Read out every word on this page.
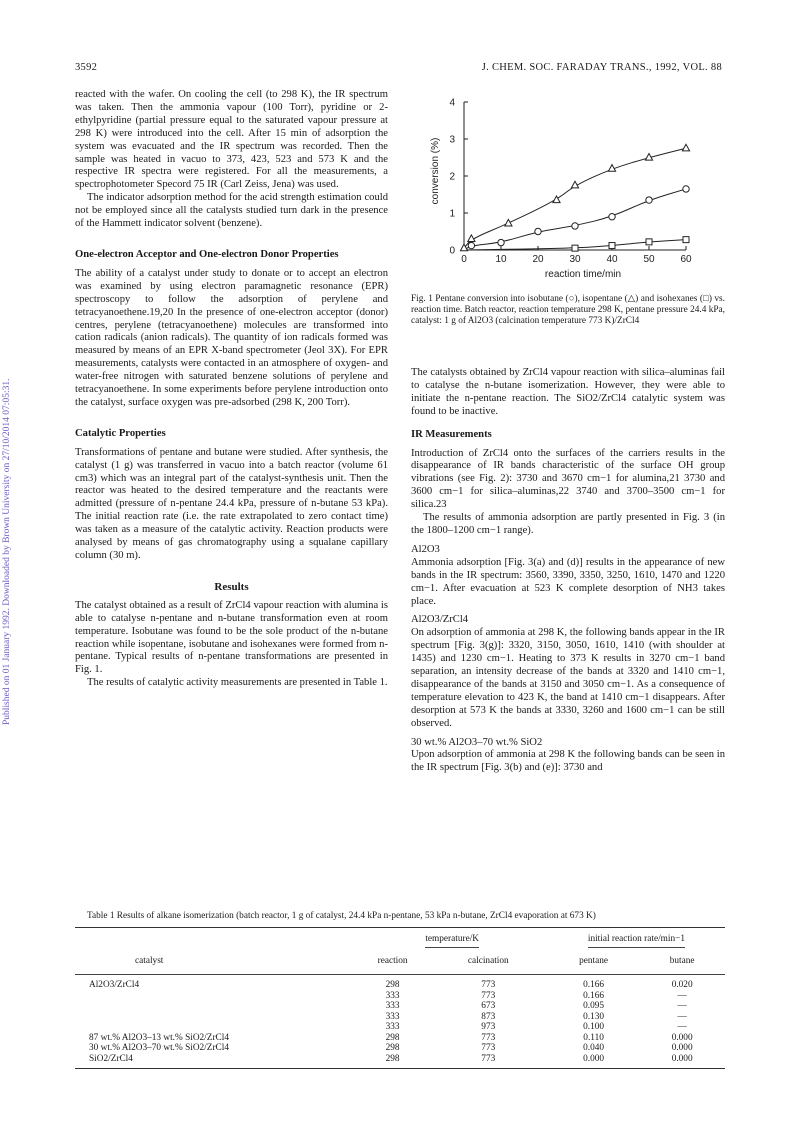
Published on 01 January 1992. Downloaded by Brown University on 27/10/2014 07:05:31.
3592	J. CHEM. SOC. FARADAY TRANS., 1992, VOL. 88

reacted with the wafer. On cooling the cell (to 298 K), the IR spectrum was taken. Then the ammonia vapour (100 Torr), pyridine or 2-ethylpyridine (partial pressure equal to the saturated vapour pressure at 298 K) were introduced into the cell. After 15 min of adsorption the system was evacuated and the IR spectrum was recorded. Then the sample was heated in vacuo to 373, 423, 523 and 573 K and the respective IR spectra were registered. For all the measurements, a spectrophotometer Specord 75 IR (Carl Zeiss, Jena) was used.

The indicator adsorption method for the acid strength estimation could not be employed since all the catalysts studied turn dark in the presence of the Hammett indicator solvent (benzene).

One-electron Acceptor and One-electron Donor Properties

The ability of a catalyst under study to donate or to accept an electron was examined by using electron paramagnetic resonance (EPR) spectroscopy to follow the adsorption of perylene and tetracyanoethene.19,20 In the presence of one-electron acceptor (donor) centres, perylene (tetracyanoethene) molecules are transformed into cation radicals (anion radicals). The quantity of ion radicals formed was measured by means of an EPR X-band spectrometer (Jeol 3X). For EPR measurements, catalysts were contacted in an atmosphere of oxygen- and water-free nitrogen with saturated benzene solutions of perylene and tetracyanoethene. In some experiments before perylene introduction onto the catalyst, surface oxygen was pre-adsorbed (298 K, 200 Torr).

Catalytic Properties

Transformations of pentane and butane were studied. After synthesis, the catalyst (1 g) was transferred in vacuo into a batch reactor (volume 61 cm3) which was an integral part of the catalyst-synthesis unit. Then the reactor was heated to the desired temperature and the reactants were admitted (pressure of n-pentane 24.4 kPa, pressure of n-butane 53 kPa). The initial reaction rate (i.e. the rate extrapolated to zero contact time) was taken as a measure of the catalytic activity. Reaction products were analysed by means of gas chromatography using a squalane capillary column (30 m).

Results

The catalyst obtained as a result of ZrCl4 vapour reaction with alumina is able to catalyse n-pentane and n-butane transformation even at room temperature. Isobutane was found to be the sole product of the n-butane reaction while isopentane, isobutane and isohexanes were formed from n-pentane. Typical results of n-pentane transformations are presented in Fig. 1.

The results of catalytic activity measurements are presented in Table 1.

0	10	20	30	40	50	60
0
1
2
3
4
reaction time/min
conversion (%)
Fig. 1 Pentane conversion into isobutane (○), isopentane (△) and isohexanes (□) vs. reaction time. Batch reactor, reaction temperature 298 K, pentane pressure 24.4 kPa, catalyst: 1 g of Al2O3 (calcination temperature 773 K)/ZrCl4

The catalysts obtained by ZrCl4 vapour reaction with silica–aluminas fail to catalyse the n-butane isomerization. However, they were able to initiate the n-pentane reaction. The SiO2/ZrCl4 catalytic system was found to be inactive.

IR Measurements

Introduction of ZrCl4 onto the surfaces of the carriers results in the disappearance of IR bands characteristic of the surface OH group vibrations (see Fig. 2): 3730 and 3670 cm−1 for alumina,21 3730 and 3600 cm−1 for silica–aluminas,22 3740 and 3700–3500 cm−1 for silica.23

The results of ammonia adsorption are partly presented in Fig. 3 (in the 1800–1200 cm−1 range).

Al2O3

Ammonia adsorption [Fig. 3(a) and (d)] results in the appearance of new bands in the IR spectrum: 3560, 3390, 3350, 3250, 1610, 1470 and 1220 cm−1. After evacuation at 523 K complete desorption of NH3 takes place.

Al2O3/ZrCl4

On adsorption of ammonia at 298 K, the following bands appear in the IR spectrum [Fig. 3(g)]: 3320, 3150, 3050, 1610, 1410 (with shoulder at 1435) and 1230 cm−1. Heating to 373 K results in 3270 cm−1 band separation, an intensity decrease of the bands at 3320 and 1410 cm−1, disappearance of the bands at 3150 and 3050 cm−1. As a consequence of temperature elevation to 423 K, the band at 1410 cm−1 disappears. After desorption at 573 K the bands at 3330, 3260 and 1600 cm−1 can be still observed.

30 wt.% Al2O3–70 wt.% SiO2

Upon adsorption of ammonia at 298 K the following bands can be seen in the IR spectrum [Fig. 3(b) and (e)]: 3730 and

Table 1 Results of alkane isomerization (batch reactor, 1 g of catalyst, 24.4 kPa n-pentane, 53 kPa n-butane, ZrCl4 evaporation at 673 K)

	temperature/K		initial reaction rate/min−1	
catalyst	reaction	calcination	pentane	butane
Al2O3/ZrCl4	298	773	0.166	0.020
	333	773	0.166	—
	333	673	0.095	—
	333	873	0.130	—
	333	973	0.100	—
87 wt.% Al2O3–13 wt.% SiO2/ZrCl4	298	773	0.110	0.000
30 wt.% Al2O3–70 wt.% SiO2/ZrCl4	298	773	0.040	0.000
SiO2/ZrCl4	298	773	0.000	0.000
